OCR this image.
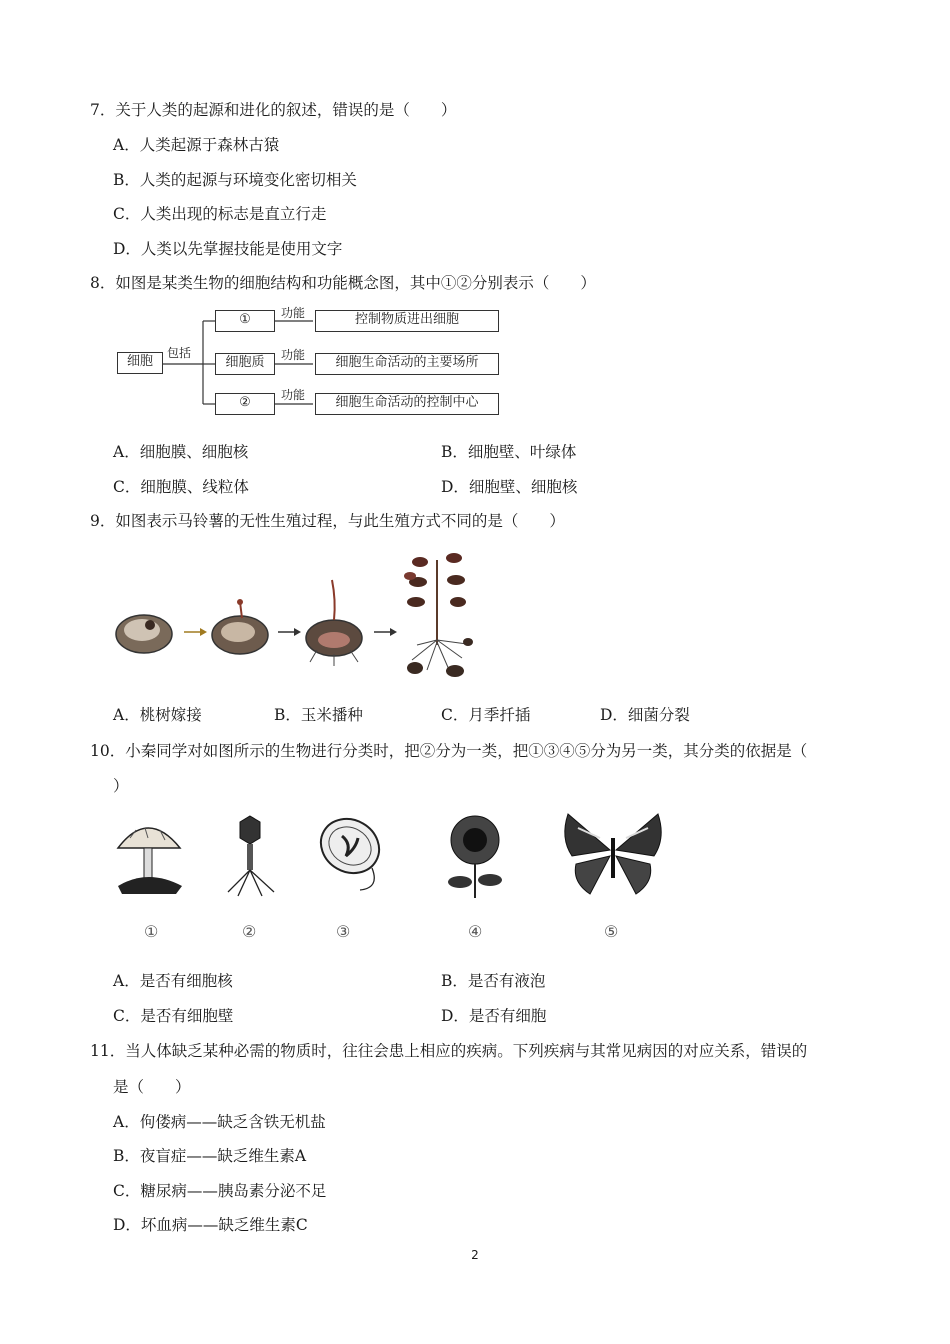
7．关于人类的起源和进化的叙述，错误的是（　　）
A．人类起源于森林古猿
B．人类的起源与环境变化密切相关
C．人类出现的标志是直立行走
D．人类以先掌握技能是使用文字
8．如图是某类生物的细胞结构和功能概念图，其中①②分别表示（　　）
细胞
包括
①
细胞质
②
功能
功能
功能
控制物质进出细胞
细胞生命活动的主要场所
细胞生命活动的控制中心
A．细胞膜、细胞核	B．细胞壁、叶绿体
C．细胞膜、线粒体	D．细胞壁、细胞核
9．如图表示马铃薯的无性生殖过程，与此生殖方式不同的是（　　）
A．桃树嫁接	B．玉米播种	C．月季扦插	D．细菌分裂
10．小秦同学对如图所示的生物进行分类时，把②分为一类，把①③④⑤分为另一类，其分类的依据是（
）
①	②	③	④	⑤
A．是否有细胞核	B．是否有液泡
C．是否有细胞壁	D．是否有细胞
11．当人体缺乏某种必需的物质时，往往会患上相应的疾病。下列疾病与其常见病因的对应关系，错误的
是（　　）
A．佝偻病——缺乏含铁无机盐
B．夜盲症——缺乏维生素A
C．糖尿病——胰岛素分泌不足
D．坏血病——缺乏维生素C
2
